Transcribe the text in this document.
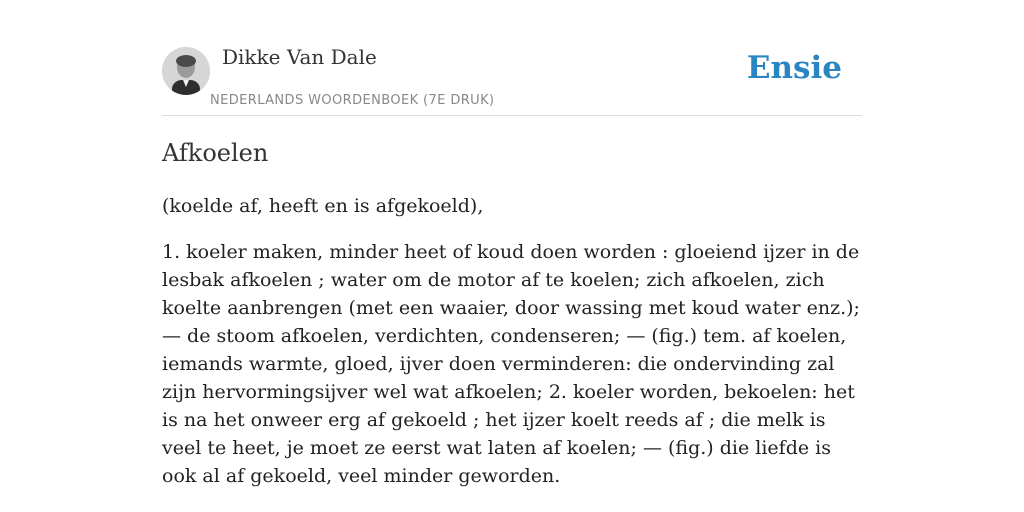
Dikke Van Dale
NEDERLANDS WOORDENBOEK (7E DRUK)
Ensie
Afkoelen

(koelde af, heeft en is afgekoeld),

1. koeler maken, minder heet of koud doen worden : gloeiend ijzer in de lesbak afkoelen ; water om de motor af te koelen; zich afkoelen, zich koelte aanbrengen (met een waaier, door wassing met koud water enz.); — de stoom afkoelen, verdichten, condenseren; — (fig.) tem. af koelen, iemands warmte, gloed, ijver doen verminderen: die ondervinding zal zijn hervormingsijver wel wat afkoelen; 2. koeler worden, bekoelen: het is na het onweer erg af gekoeld ; het ijzer koelt reeds af ; die melk is veel te heet, je moet ze eerst wat laten af koelen; — (fig.) die liefde is ook al af gekoeld, veel minder geworden.
